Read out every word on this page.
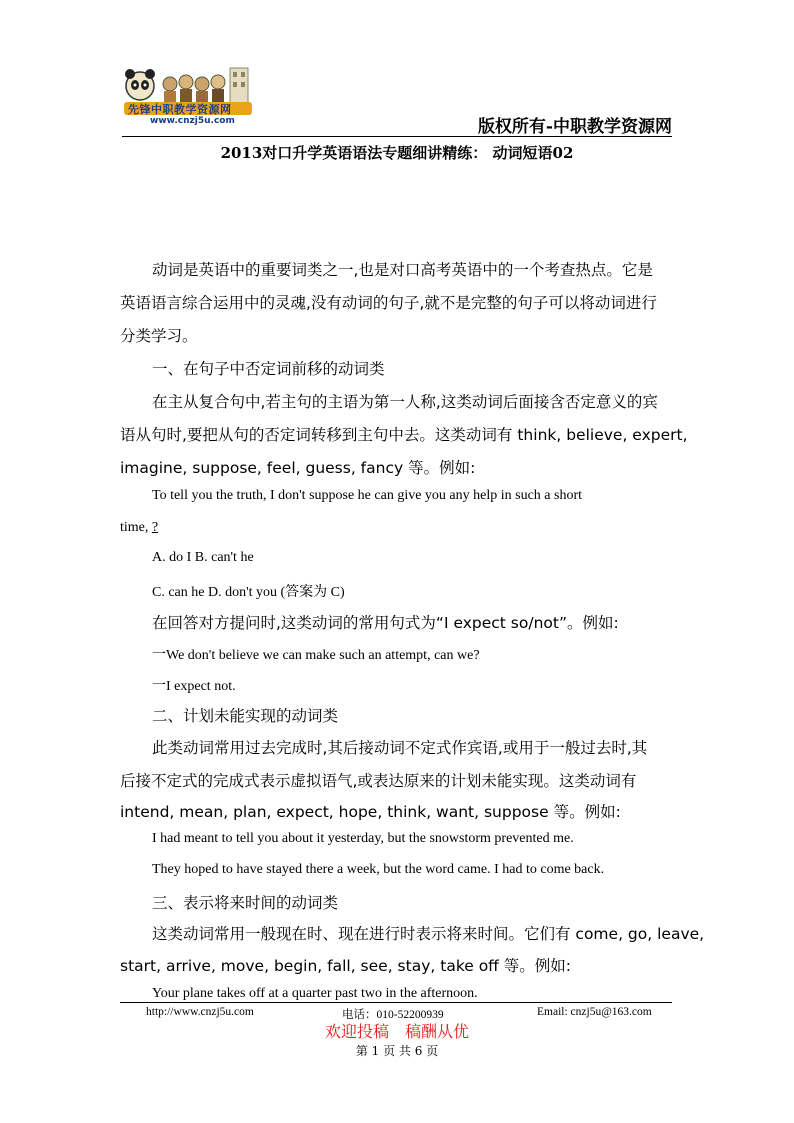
先锋中职教学资源网
www.cnzj5u.com	版权所有-中职教学资源网
2013对口升学英语语法专题细讲精练： 动词短语02
动词是英语中的重要词类之一,也是对口高考英语中的一个考查热点。它是
英语语言综合运用中的灵魂,没有动词的句子,就不是完整的句子可以将动词进行
分类学习。
一、在句子中否定词前移的动词类
在主从复合句中,若主句的主语为第一人称,这类动词后面接含否定意义的宾
语从句时,要把从句的否定词转移到主句中去。这类动词有 think, believe, expert,
imagine, suppose, feel, guess, fancy 等。例如:
To tell you the truth, I don't suppose he can give you any help in such a short
time, ?
A. do I B. can't he
C. can he D. don't you (答案为 C)
在回答对方提问时,这类动词的常用句式为“I expect so/not”。例如:
一We don't believe we can make such an attempt, can we?
一I expect not.
二、计划未能实现的动词类
此类动词常用过去完成时,其后接动词不定式作宾语,或用于一般过去时,其
后接不定式的完成式表示虚拟语气,或表达原来的计划未能实现。这类动词有
intend, mean, plan, expect, hope, think, want, suppose 等。例如:
I had meant to tell you about it yesterday, but the snowstorm prevented me.
They hoped to have stayed there a week, but the word came. I had to come back.
三、表示将来时间的动词类
这类动词常用一般现在时、现在进行时表示将来时间。它们有 come, go, leave,
start, arrive, move, begin, fall, see, stay, take off 等。例如:
Your plane takes off at a quarter past two in the afternoon.
http://www.cnzj5u.com	电话：010-52200939	Email: cnzj5u@163.com
欢迎投稿　稿酬从优
第 1 页 共 6 页
